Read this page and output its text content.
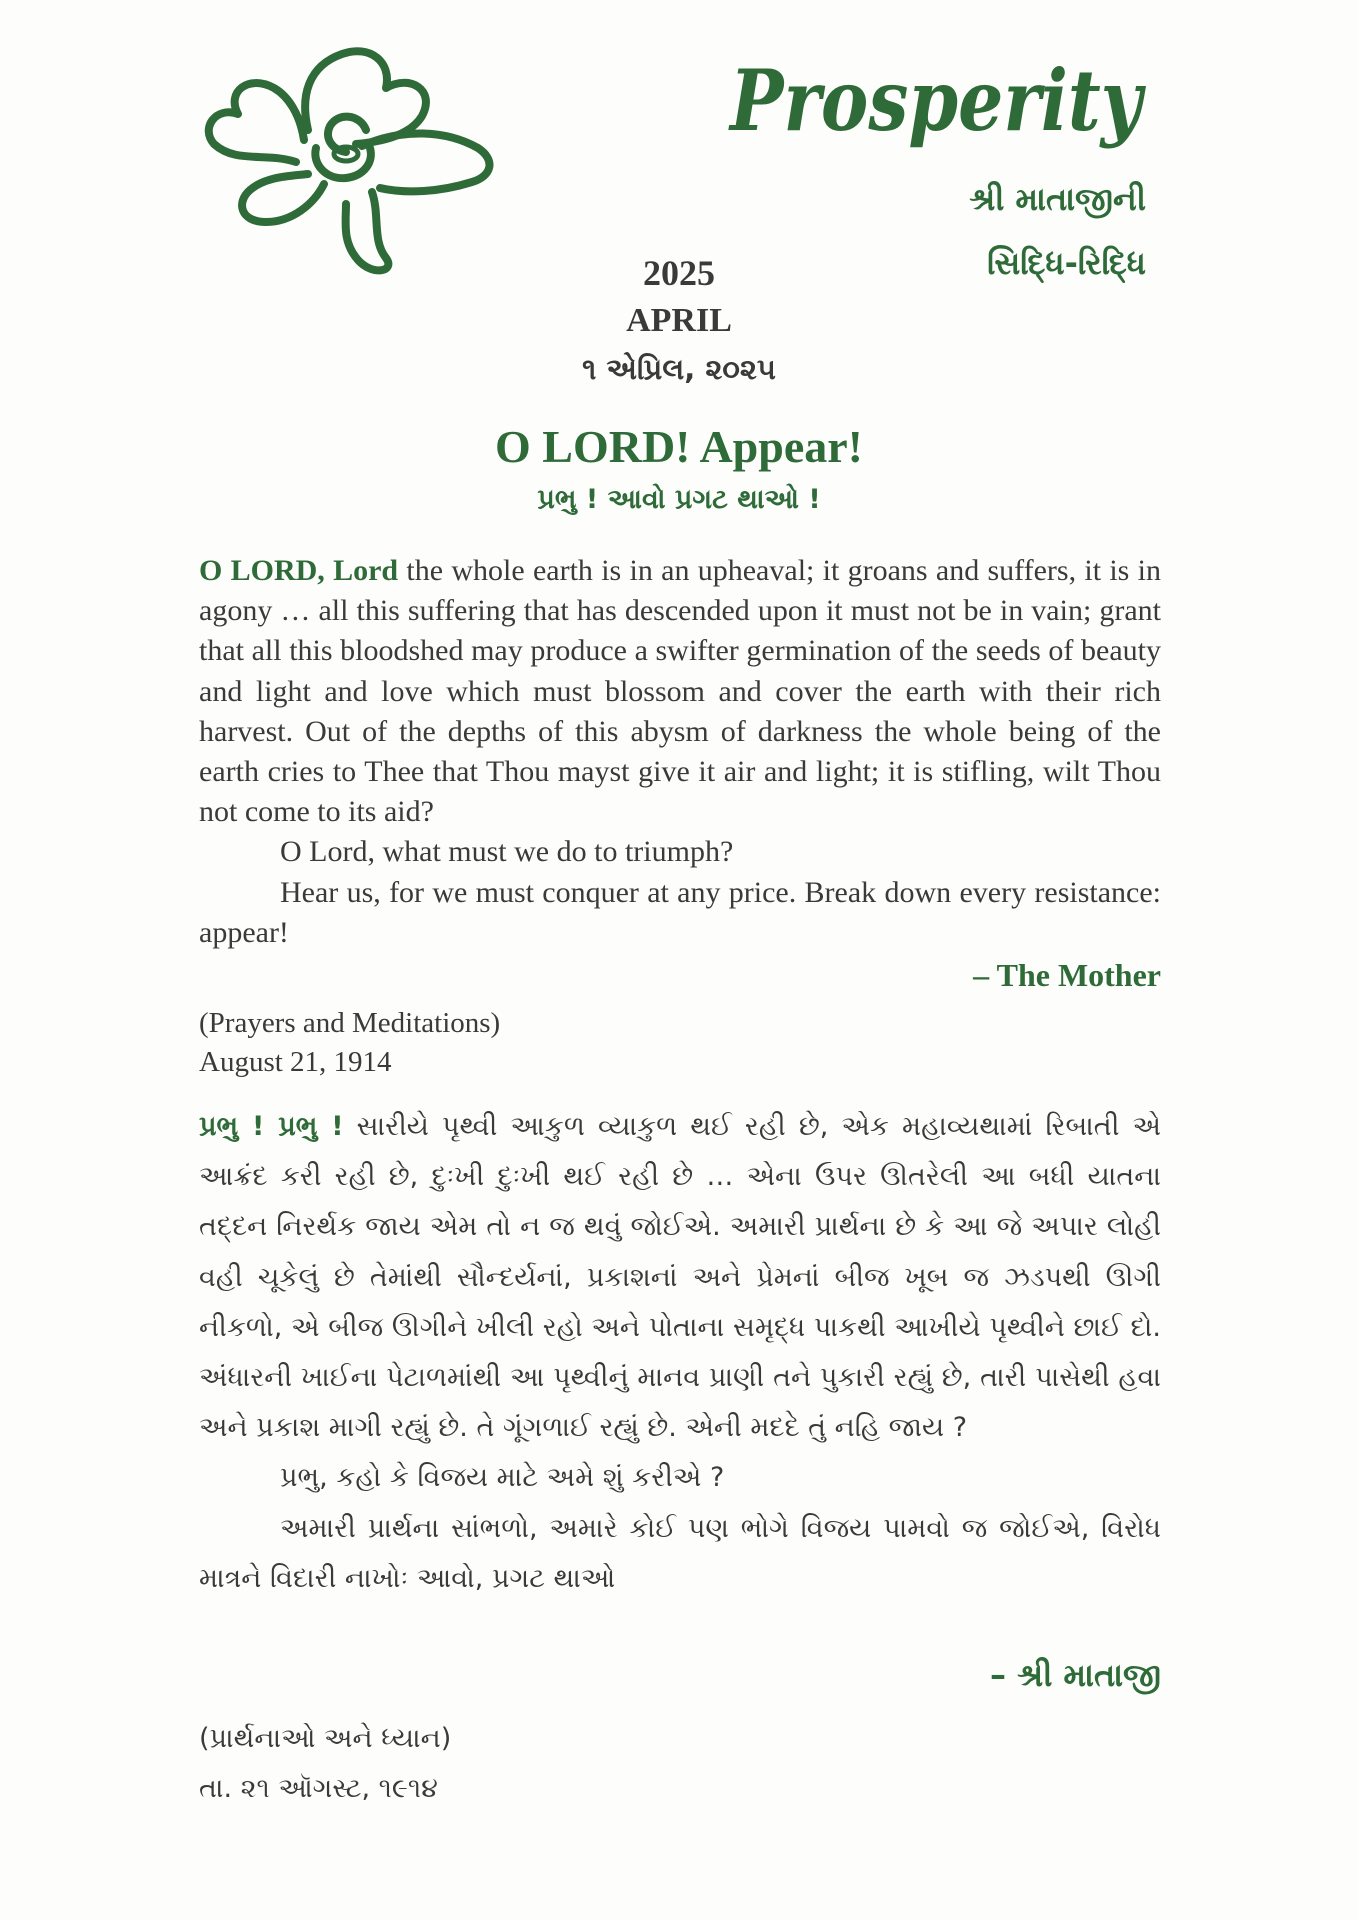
Prosperity
શ્રી માતાજીની
સિદ્ધિ-રિદ્ધિ
2025
APRIL
૧ એપ્રિલ, ૨૦૨૫
O LORD! Appear!
પ્રભુ ! આવો પ્રગટ થાઓ !

O LORD, Lord the whole earth is in an upheaval; it groans and suffers, it is in agony … all this suffering that has descended upon it must not be in vain; grant that all this bloodshed may produce a swifter germination of the seeds of beauty and light and love which must blossom and cover the earth with their rich harvest. Out of the depths of this abysm of darkness the whole being of the earth cries to Thee that Thou mayst give it air and light; it is stifling, wilt Thou not come to its aid?

O Lord, what must we do to triumph?

Hear us, for we must conquer at any price. Break down every resistance: appear!

– The Mother
(Prayers and Meditations)
August 21, 1914

પ્રભુ ! પ્રભુ ! સારીયે પૃથ્વી આકુળ વ્યાકુળ થઈ રહી છે, એક મહાવ્યથામાં રિબાતી એ આક્રંદ કરી રહી છે, દુઃખી દુઃખી થઈ રહી છે … એના ઉપર ઊતરેલી આ બધી યાતના તદ્દન નિરર્થક જાય એમ તો ન જ થવું જોઈએ. અમારી પ્રાર્થના છે કે આ જે અપાર લોહી વહી ચૂકેલું છે તેમાંથી સૌન્દર્યનાં, પ્રકાશનાં અને પ્રેમનાં બીજ ખૂબ જ ઝડપથી ઊગી નીકળો, એ બીજ ઊગીને ખીલી રહો અને પોતાના સમૃદ્ધ પાકથી આખીયે પૃથ્વીને છાઈ દો. અંધારની ખાઈના પેટાળમાંથી આ પૃથ્વીનું માનવ પ્રાણી તને પુકારી રહ્યું છે, તારી પાસેથી હવા અને પ્રકાશ માગી રહ્યું છે. તે ગૂંગળાઈ રહ્યું છે. એની મદદે તું નહિ જાય ?

પ્રભુ, કહો કે વિજય માટે અમે શું કરીએ ?

અમારી પ્રાર્થના સાંભળો, અમારે કોઈ પણ ભોગે વિજય પામવો જ જોઈએ, વિરોધ માત્રને વિદારી નાખોઃ આવો, પ્રગટ થાઓ

– શ્રી માતાજી
(પ્રાર્થનાઓ અને ધ્યાન)
તા. ૨૧ ઑગસ્ટ, ૧૯૧૪
